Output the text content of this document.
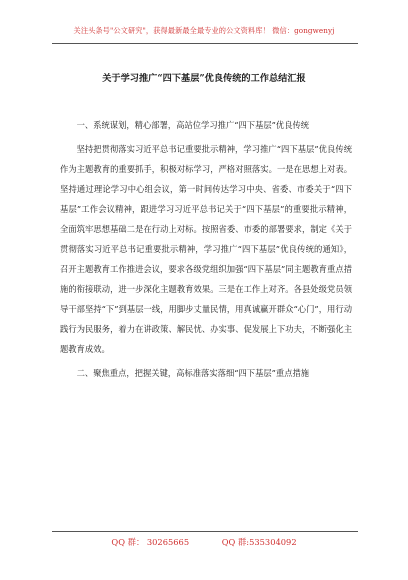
关注头条号"公文研究"，获得最新最全最专业的公文资料库！ 微信：gongwenyj
关于学习推广“四下基层”优良传统的工作总结汇报

一、系统谋划，精心部署，高站位学习推广“四下基层”优良传统

坚持把贯彻落实习近平总书记重要批示精神，学习推广“四下基层”优良传统作为主题教育的重要抓手，积极对标学习，严格对照落实。一是在思想上对表。坚持通过理论学习中心组会议，第一时间传达学习中央、省委、市委关于“四下基层”工作会议精神，跟进学习习近平总书记关于“四下基层”的重要批示精神，全面筑牢思想基础二是在行动上对标。按照省委、市委的部署要求，制定《关于贯彻落实习近平总书记重要批示精神，学习推广“四下基层”优良传统的通知》，召开主题教育工作推进会议，要求各级党组织加强“四下基层”同主题教育重点措施的衔接联动，进一步深化主题教育效果。三是在工作上对齐。各县处级党员领导干部坚持“下”到基层一线，用脚步丈量民情，用真诚赢开群众“心门”，用行动践行为民服务，着力在讲政策、解民忧、办实事、促发展上下功夫，不断强化主题教育成效。

二、聚焦重点，把握关键，高标准落实落细“四下基层”重点措施

QQ 群： 30265665	QQ 群:535304092
